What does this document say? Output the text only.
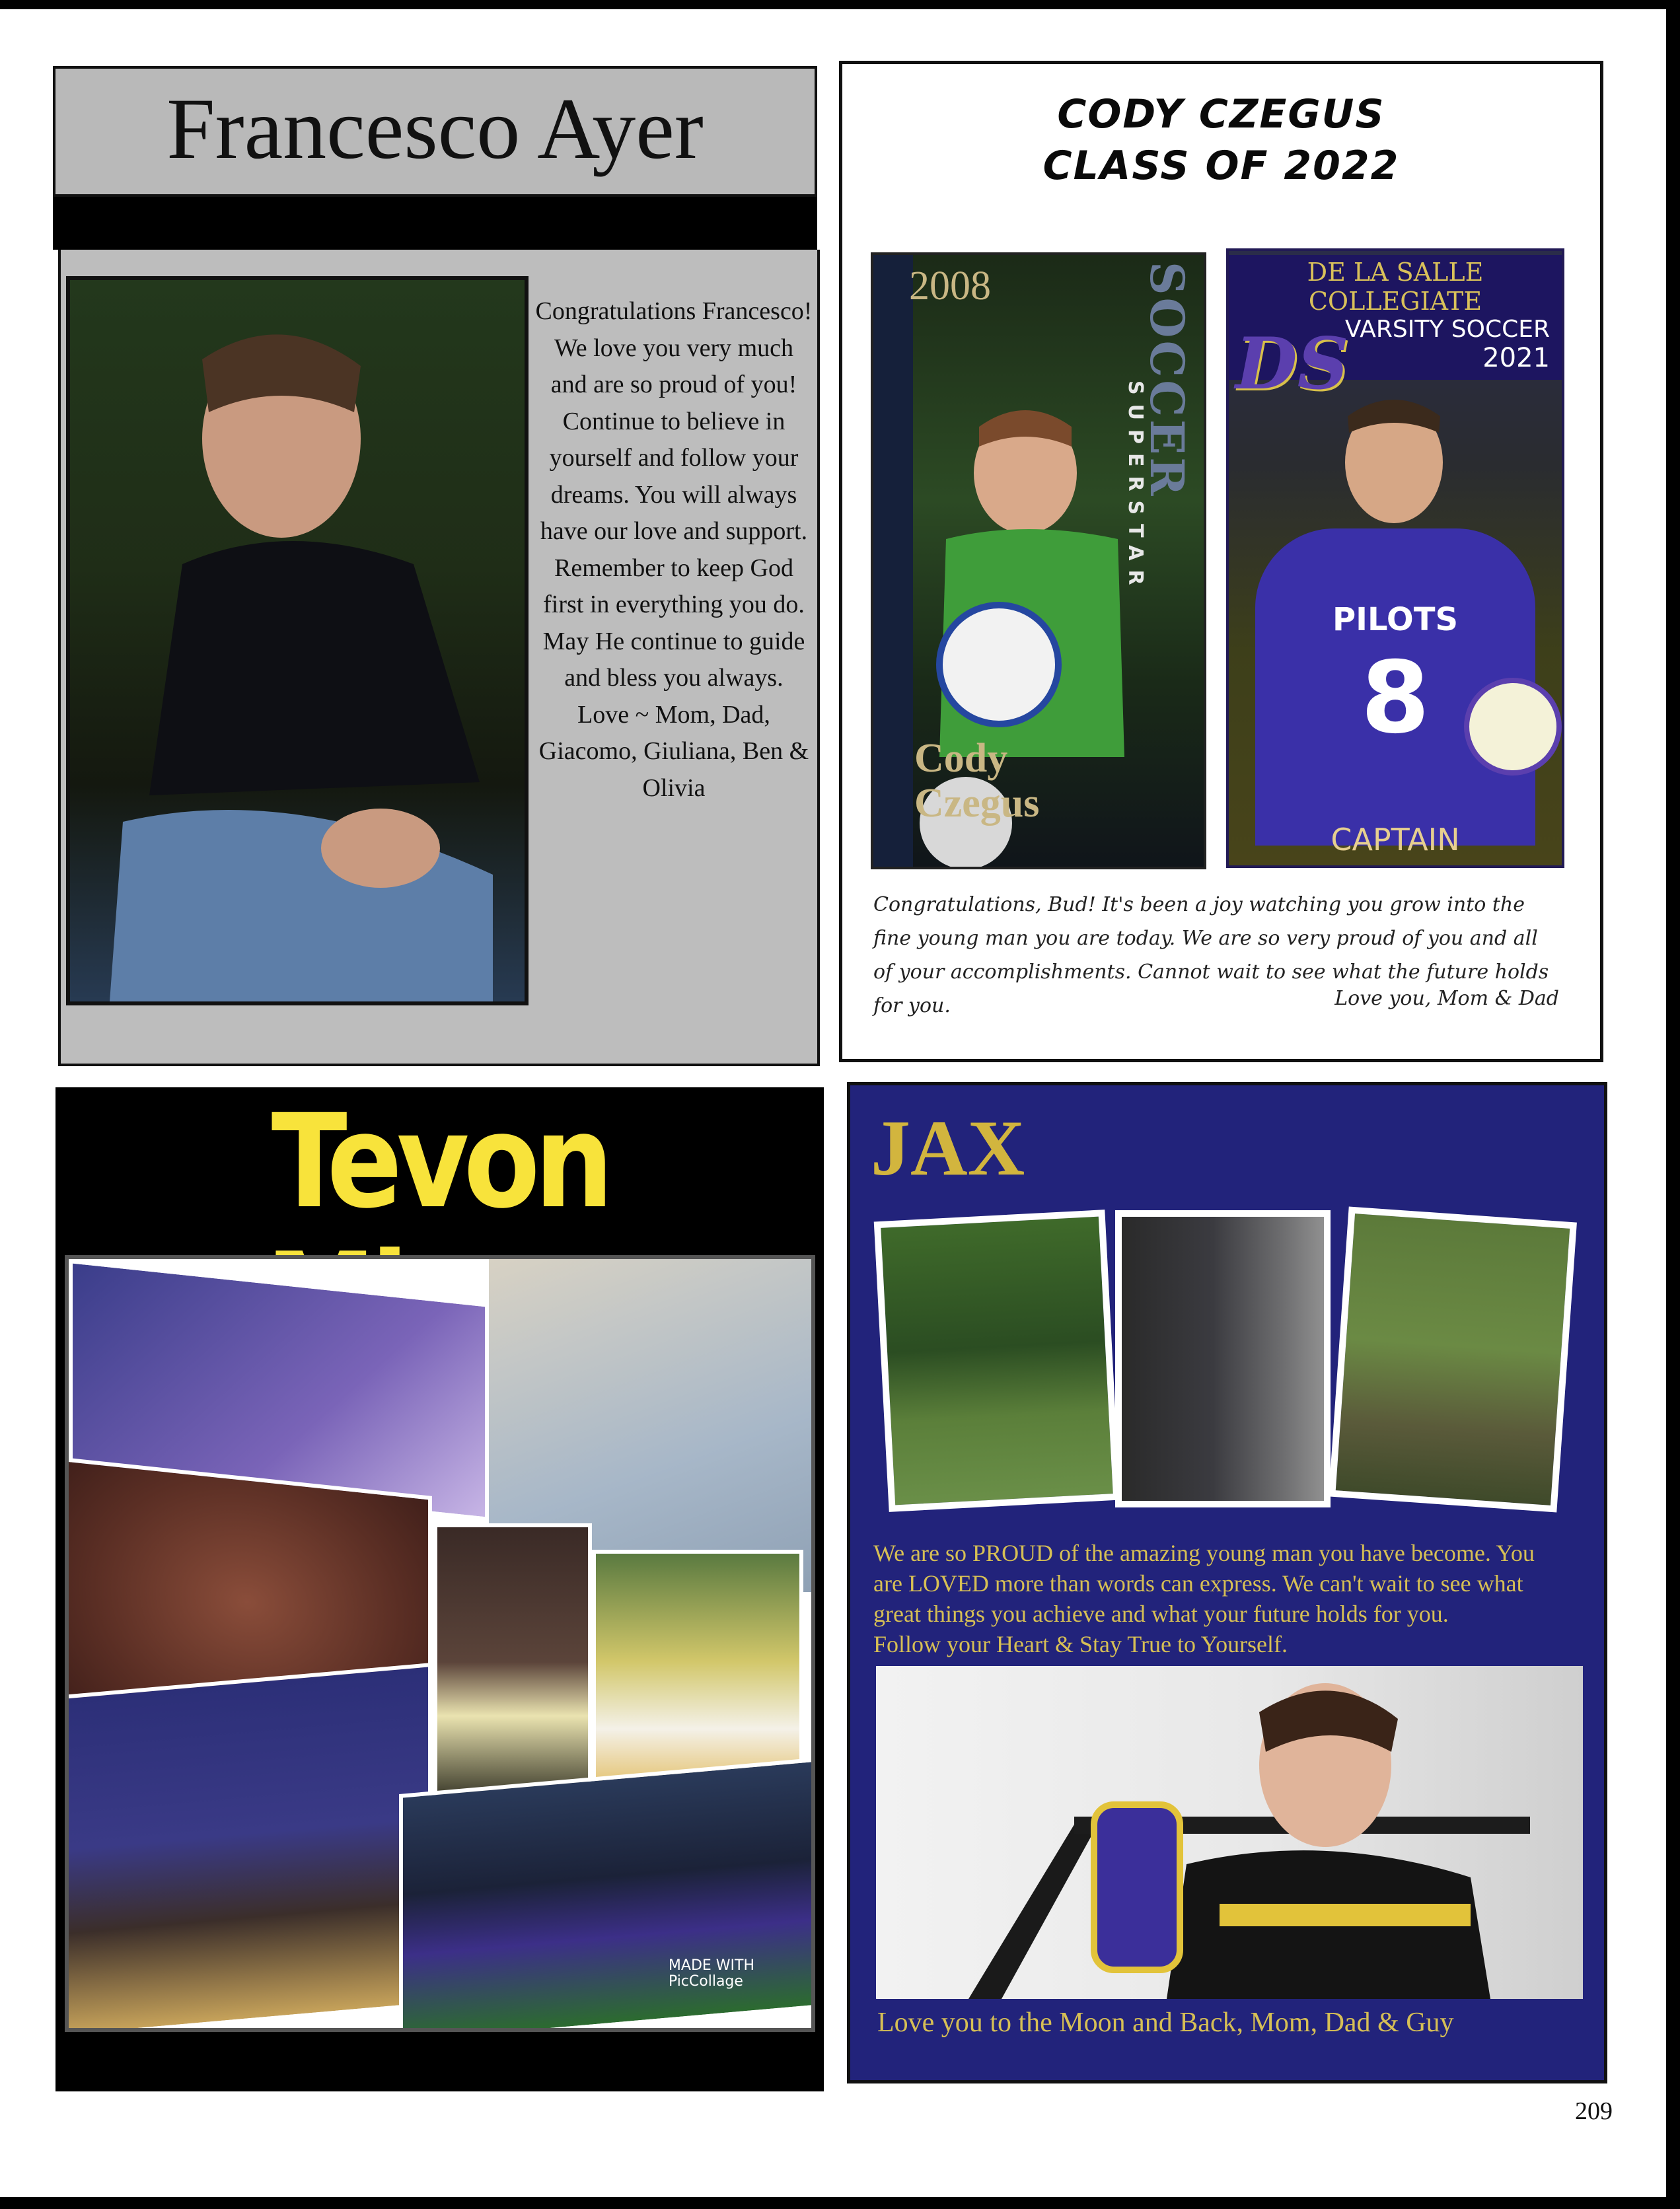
Francesco Ayer
Congratulations Francesco! We love you very much and are so proud of you! Continue to believe in yourself and follow your dreams. You will always have our love and support. Remember to keep God first in everything you do. May He continue to guide and bless you always.
Love ~ Mom, Dad, Giacomo, Giuliana, Ben & Olivia
CODY CZEGUS
CLASS OF 2022
2008	SOCCER
SUPERSTAR
Cody
Czegus
DE LA SALLE COLLEGIATE
VARSITY SOCCER
2021
DS
PILOTS
8
CAPTAIN
Congratulations, Bud! It's been a joy watching you grow into the fine young man you are today. We are so very proud of you and all of your accomplishments. Cannot wait to see what the future holds for you.	Love you, Mom & Dad
Tevon
MADE WITH
PicCollage
JAX
We are so PROUD of the amazing young man you have become. You
are LOVED more than words can express. We can't wait to see what
great things you achieve and what your future holds for you.
Follow your Heart & Stay True to Yourself.
Love you to the Moon and Back, Mom, Dad & Guy
209
